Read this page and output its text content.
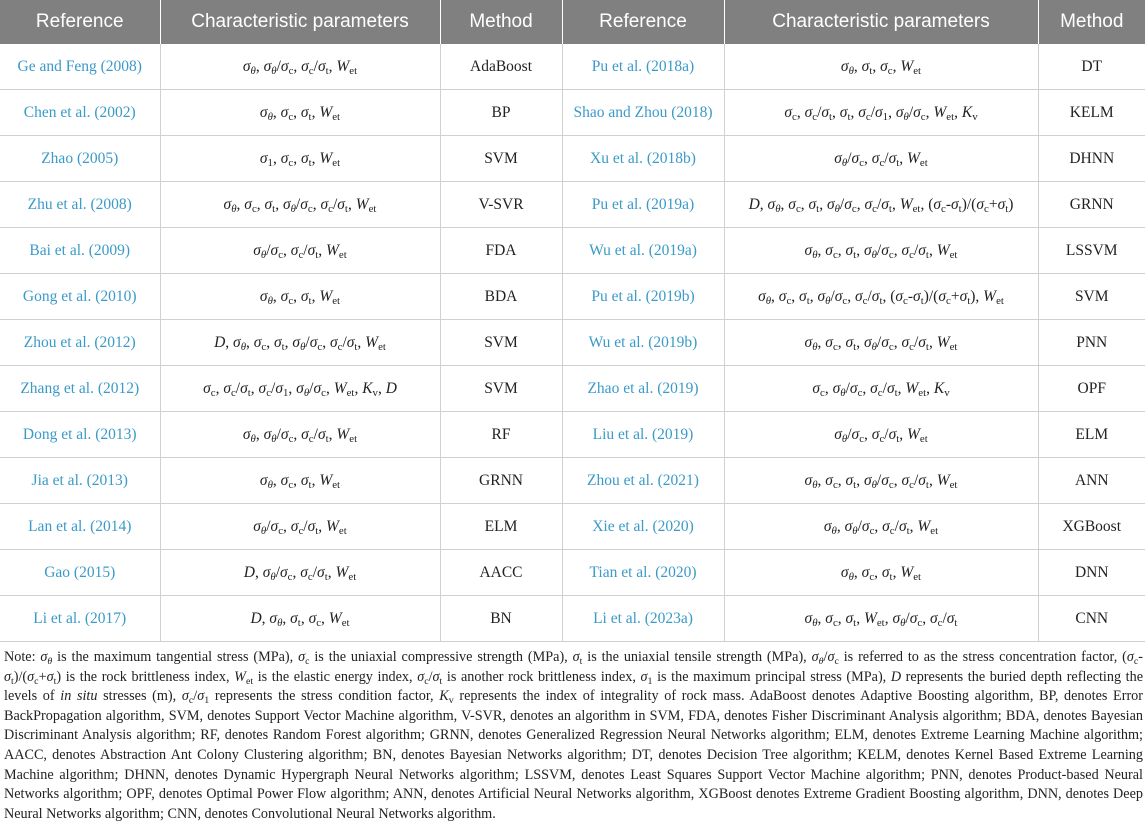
Reference	Characteristic parameters	Method	Reference	Characteristic parameters	Method
Ge and Feng (2008)	$\sigma_\theta$, $\sigma_\theta/\sigma_c$, $\sigma_c/\sigma_t$, $W_{et}$	AdaBoost	Pu et al. (2018a)	$\sigma_\theta$, $\sigma_t$, $\sigma_c$, $W_{et}$	DT
Chen et al. (2002)	$\sigma_\theta$, $\sigma_c$, $\sigma_t$, $W_{et}$	BP	Shao and Zhou (2018)	$\sigma_c$, $\sigma_c/\sigma_t$, $\sigma_t$, $\sigma_c/\sigma_1$, $\sigma_\theta/\sigma_c$, $W_{et}$, $K_v$	KELM
Zhao (2005)	$\sigma_1$, $\sigma_c$, $\sigma_t$, $W_{et}$	SVM	Xu et al. (2018b)	$\sigma_\theta/\sigma_c$, $\sigma_c/\sigma_t$, $W_{et}$	DHNN
Zhu et al. (2008)	$\sigma_\theta$, $\sigma_c$, $\sigma_t$, $\sigma_\theta/\sigma_c$, $\sigma_c/\sigma_t$, $W_{et}$	V-SVR	Pu et al. (2019a)	D, $\sigma_\theta$, $\sigma_c$, $\sigma_t$, $\sigma_\theta/\sigma_c$, $\sigma_c/\sigma_t$, $W_{et}$, $(\sigma_c-\sigma_t)/(\sigma_c+\sigma_t)$	GRNN
Bai et al. (2009)	$\sigma_\theta/\sigma_c$, $\sigma_c/\sigma_t$, $W_{et}$	FDA	Wu et al. (2019a)	$\sigma_\theta$, $\sigma_c$, $\sigma_t$, $\sigma_\theta/\sigma_c$, $\sigma_c/\sigma_t$, $W_{et}$	LSSVM
Gong et al. (2010)	$\sigma_\theta$, $\sigma_c$, $\sigma_t$, $W_{et}$	BDA	Pu et al. (2019b)	$\sigma_\theta$, $\sigma_c$, $\sigma_t$, $\sigma_\theta/\sigma_c$, $\sigma_c/\sigma_t$, $(\sigma_c-\sigma_t)/(\sigma_c+\sigma_t)$, $W_{et}$	SVM
Zhou et al. (2012)	D, $\sigma_\theta$, $\sigma_c$, $\sigma_t$, $\sigma_\theta/\sigma_c$, $\sigma_c/\sigma_t$, $W_{et}$	SVM	Wu et al. (2019b)	$\sigma_\theta$, $\sigma_c$, $\sigma_t$, $\sigma_\theta/\sigma_c$, $\sigma_c/\sigma_t$, $W_{et}$	PNN
Zhang et al. (2012)	$\sigma_c$, $\sigma_c/\sigma_t$, $\sigma_c/\sigma_1$, $\sigma_\theta/\sigma_c$, $W_{et}$, $K_v$, D	SVM	Zhao et al. (2019)	$\sigma_c$, $\sigma_\theta/\sigma_c$, $\sigma_c/\sigma_t$, $W_{et}$, $K_v$	OPF
Dong et al. (2013)	$\sigma_\theta$, $\sigma_\theta/\sigma_c$, $\sigma_c/\sigma_t$, $W_{et}$	RF	Liu et al. (2019)	$\sigma_\theta/\sigma_c$, $\sigma_c/\sigma_t$, $W_{et}$	ELM
Jia et al. (2013)	$\sigma_\theta$, $\sigma_c$, $\sigma_t$, $W_{et}$	GRNN	Zhou et al. (2021)	$\sigma_\theta$, $\sigma_c$, $\sigma_t$, $\sigma_\theta/\sigma_c$, $\sigma_c/\sigma_t$, $W_{et}$	ANN
Lan et al. (2014)	$\sigma_\theta/\sigma_c$, $\sigma_c/\sigma_t$, $W_{et}$	ELM	Xie et al. (2020)	$\sigma_\theta$, $\sigma_\theta/\sigma_c$, $\sigma_c/\sigma_t$, $W_{et}$	XGBoost
Gao (2015)	D, $\sigma_\theta/\sigma_c$, $\sigma_c/\sigma_t$, $W_{et}$	AACC	Tian et al. (2020)	$\sigma_\theta$, $\sigma_c$, $\sigma_t$, $W_{et}$	DNN
Li et al. (2017)	D, $\sigma_\theta$, $\sigma_t$, $\sigma_c$, $W_{et}$	BN	Li et al. (2023a)	$\sigma_\theta$, $\sigma_c$, $\sigma_t$, $W_{et}$, $\sigma_\theta/\sigma_c$, $\sigma_c/\sigma_t$	CNN

Note: $\sigma_\theta$ is the maximum tangential stress (MPa), $\sigma_c$ is the uniaxial compressive strength (MPa), $\sigma_t$ is the uniaxial tensile strength (MPa), $\sigma_\theta/\sigma_c$ is referred to as the stress concentration factor, $(\sigma_c-\sigma_t)/(\sigma_c+\sigma_t)$ is the rock brittleness index, $W_{et}$ is the elastic energy index, $\sigma_c/\sigma_t$ is another rock brittleness index, $\sigma_1$ is the maximum principal stress (MPa), D represents the buried depth reflecting the levels of in situ stresses (m), $\sigma_c/\sigma_1$ represents the stress condition factor, $K_v$ represents the index of integrality of rock mass. AdaBoost denotes Adaptive Boosting algorithm, BP, denotes Error BackPropagation algorithm, SVM, denotes Support Vector Machine algorithm, V-SVR, denotes an algorithm in SVM, FDA, denotes Fisher Discriminant Analysis algorithm; BDA, denotes Bayesian Discriminant Analysis algorithm; RF, denotes Random Forest algorithm; GRNN, denotes Generalized Regression Neural Networks algorithm; ELM, denotes Extreme Learning Machine algorithm; AACC, denotes Abstraction Ant Colony Clustering algorithm; BN, denotes Bayesian Networks algorithm; DT, denotes Decision Tree algorithm; KELM, denotes Kernel Based Extreme Learning Machine algorithm; DHNN, denotes Dynamic Hypergraph Neural Networks algorithm; LSSVM, denotes Least Squares Support Vector Machine algorithm; PNN, denotes Product-based Neural Networks algorithm; OPF, denotes Optimal Power Flow algorithm; ANN, denotes Artificial Neural Networks algorithm, XGBoost denotes Extreme Gradient Boosting algorithm, DNN, denotes Deep Neural Networks algorithm; CNN, denotes Convolutional Neural Networks algorithm.
